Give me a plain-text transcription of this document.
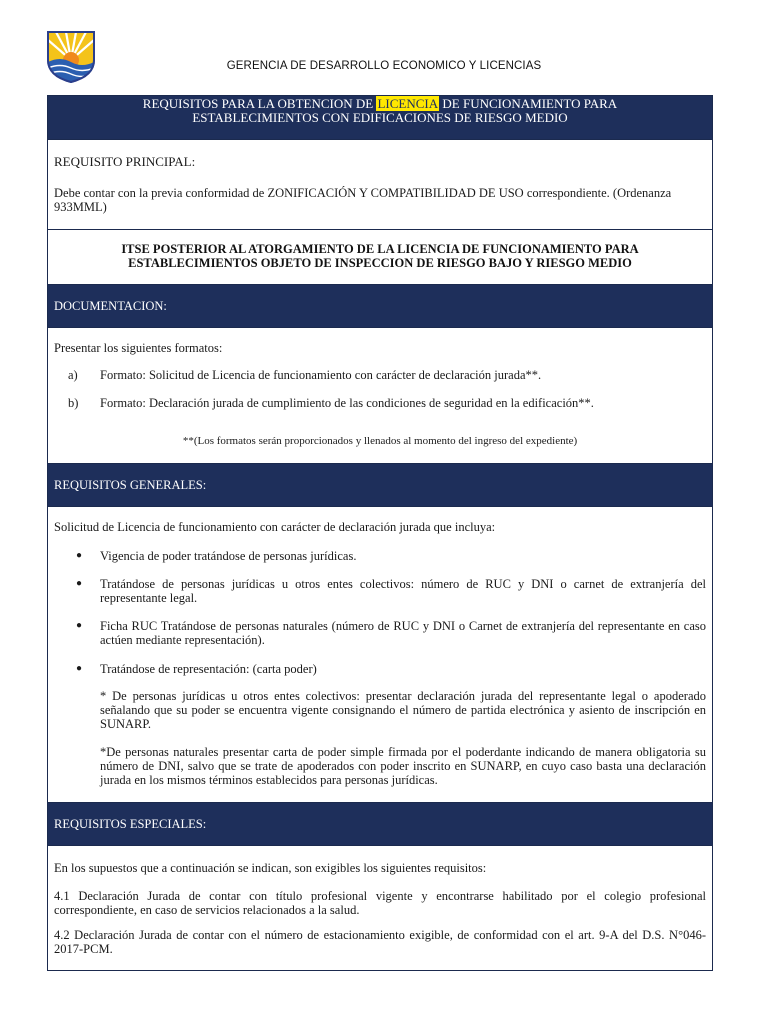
GERENCIA DE DESARROLLO ECONOMICO Y LICENCIAS
REQUISITOS PARA LA OBTENCION DE LICENCIA DE FUNCIONAMIENTO PARA
ESTABLECIMIENTOS CON EDIFICACIONES DE RIESGO MEDIO
REQUISITO PRINCIPAL:
Debe contar con la previa conformidad de ZONIFICACIÓN Y COMPATIBILIDAD DE USO correspondiente. (Ordenanza 933MML)
ITSE POSTERIOR AL ATORGAMIENTO DE LA LICENCIA DE FUNCIONAMIENTO PARA
ESTABLECIMIENTOS OBJETO DE INSPECCION DE RIESGO BAJO Y RIESGO MEDIO
DOCUMENTACION:
Presentar los siguientes formatos:
a) Formato: Solicitud de Licencia de funcionamiento con carácter de declaración jurada**.
b) Formato: Declaración jurada de cumplimiento de las condiciones de seguridad en la edificación**.
**(Los formatos serán proporcionados y llenados al momento del ingreso del expediente)
REQUISITOS GENERALES:
Solicitud de Licencia de funcionamiento con carácter de declaración jurada que incluya:
● Vigencia de poder tratándose de personas jurídicas.
● Tratándose de personas jurídicas u otros entes colectivos: número de RUC y DNI o carnet de extranjería del representante legal.
● Ficha RUC Tratándose de personas naturales (número de RUC y DNI o Carnet de extranjería del representante en caso actúen mediante representación).
● Tratándose de representación: (carta poder)
* De personas jurídicas u otros entes colectivos: presentar declaración jurada del representante legal o apoderado señalando que su poder se encuentra vigente consignando el número de partida electrónica y asiento de inscripción en SUNARP.
*De personas naturales presentar carta de poder simple firmada por el poderdante indicando de manera obligatoria su número de DNI, salvo que se trate de apoderados con poder inscrito en SUNARP, en cuyo caso basta una declaración jurada en los mismos términos establecidos para personas jurídicas.
REQUISITOS ESPECIALES:
En los supuestos que a continuación se indican, son exigibles los siguientes requisitos:
4.1 Declaración Jurada de contar con título profesional vigente y encontrarse habilitado por el colegio profesional correspondiente, en caso de servicios relacionados a la salud.
4.2 Declaración Jurada de contar con el número de estacionamiento exigible, de conformidad con el art. 9-A del D.S. N°046-2017-PCM.
